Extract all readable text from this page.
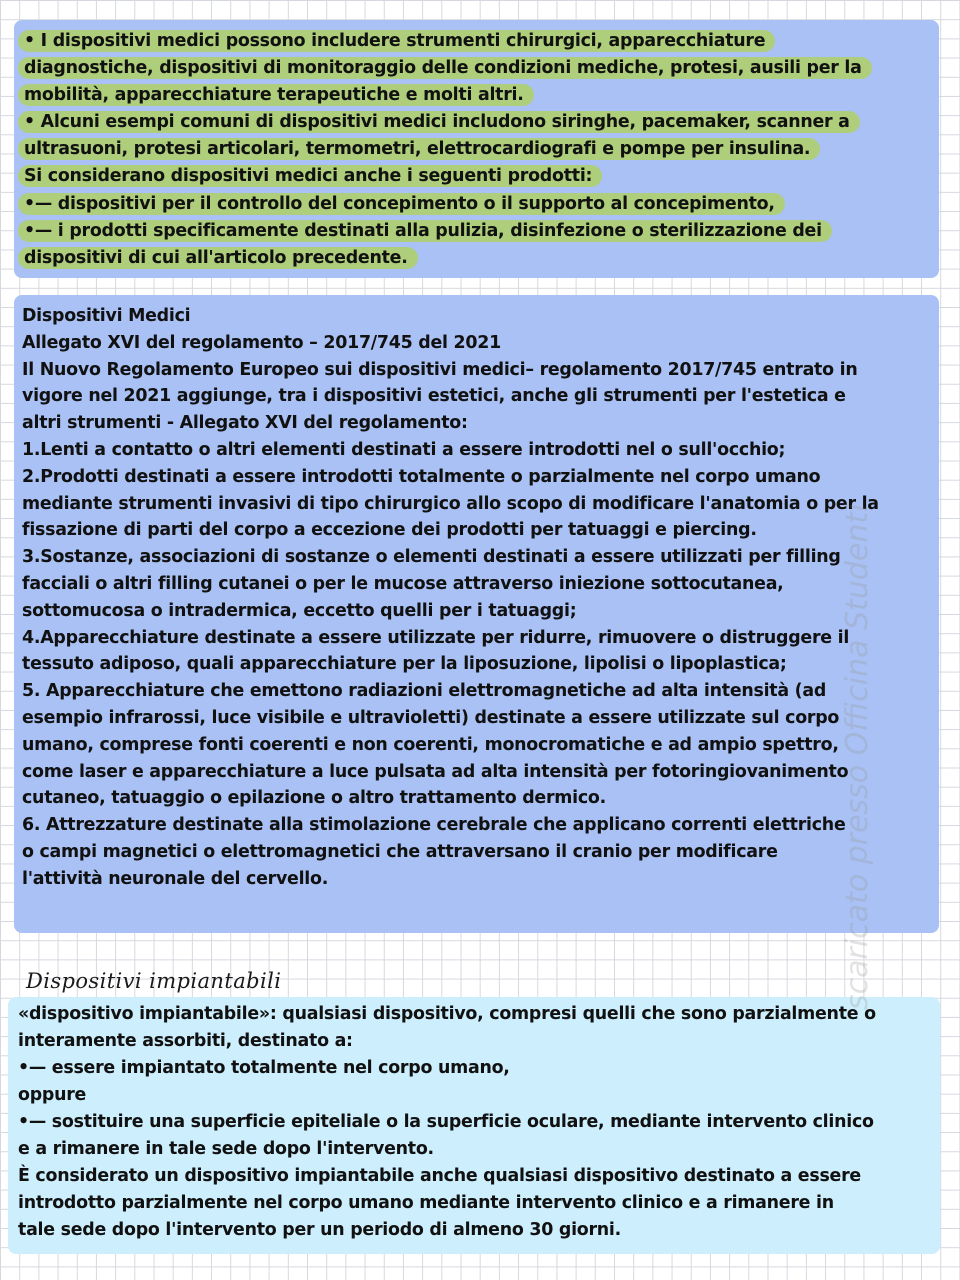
• I dispositivi medici possono includere strumenti chirurgici, apparecchiature
diagnostiche, dispositivi di monitoraggio delle condizioni mediche, protesi, ausili per la
mobilità, apparecchiature terapeutiche e molti altri.
• Alcuni esempi comuni di dispositivi medici includono siringhe, pacemaker, scanner a
ultrasuoni, protesi articolari, termometri, elettrocardiografi e pompe per insulina.
Si considerano dispositivi medici anche i seguenti prodotti:
•— dispositivi per il controllo del concepimento o il supporto al concepimento,
•— i prodotti specificamente destinati alla pulizia, disinfezione o sterilizzazione dei
dispositivi di cui all'articolo precedente.
Dispositivi Medici
Allegato XVI del regolamento – 2017/745 del 2021
Il Nuovo Regolamento Europeo sui dispositivi medici– regolamento 2017/745 entrato in
vigore nel 2021 aggiunge, tra i dispositivi estetici, anche gli strumenti per l'estetica e
altri strumenti - Allegato XVI del regolamento:
1.Lenti a contatto o altri elementi destinati a essere introdotti nel o sull'occhio;
2.Prodotti destinati a essere introdotti totalmente o parzialmente nel corpo umano
mediante strumenti invasivi di tipo chirurgico allo scopo di modificare l'anatomia o per la
fissazione di parti del corpo a eccezione dei prodotti per tatuaggi e piercing.
3.Sostanze, associazioni di sostanze o elementi destinati a essere utilizzati per filling
facciali o altri filling cutanei o per le mucose attraverso iniezione sottocutanea,
sottomucosa o intradermica, eccetto quelli per i tatuaggi;
4.Apparecchiature destinate a essere utilizzate per ridurre, rimuovere o distruggere il
tessuto adiposo, quali apparecchiature per la liposuzione, lipolisi o lipoplastica;
5. Apparecchiature che emettono radiazioni elettromagnetiche ad alta intensità (ad
esempio infrarossi, luce visibile e ultravioletti) destinate a essere utilizzate sul corpo
umano, comprese fonti coerenti e non coerenti, monocromatiche e ad ampio spettro,
come laser e apparecchiature a luce pulsata ad alta intensità per fotoringiovanimento
cutaneo, tatuaggio o epilazione o altro trattamento dermico.
6. Attrezzature destinate alla stimolazione cerebrale che applicano correnti elettriche
o campi magnetici o elettromagnetici che attraversano il cranio per modificare
l'attività neuronale del cervello.
Dispositivi impiantabili
«dispositivo impiantabile»: qualsiasi dispositivo, compresi quelli che sono parzialmente o
interamente assorbiti, destinato a:
•— essere impiantato totalmente nel corpo umano,
oppure
•— sostituire una superficie epiteliale o la superficie oculare, mediante intervento clinico
e a rimanere in tale sede dopo l'intervento.
È considerato un dispositivo impiantabile anche qualsiasi dispositivo destinato a essere
introdotto parzialmente nel corpo umano mediante intervento clinico e a rimanere in
tale sede dopo l'intervento per un periodo di almeno 30 giorni.
scaricato presso Officina Studenti
